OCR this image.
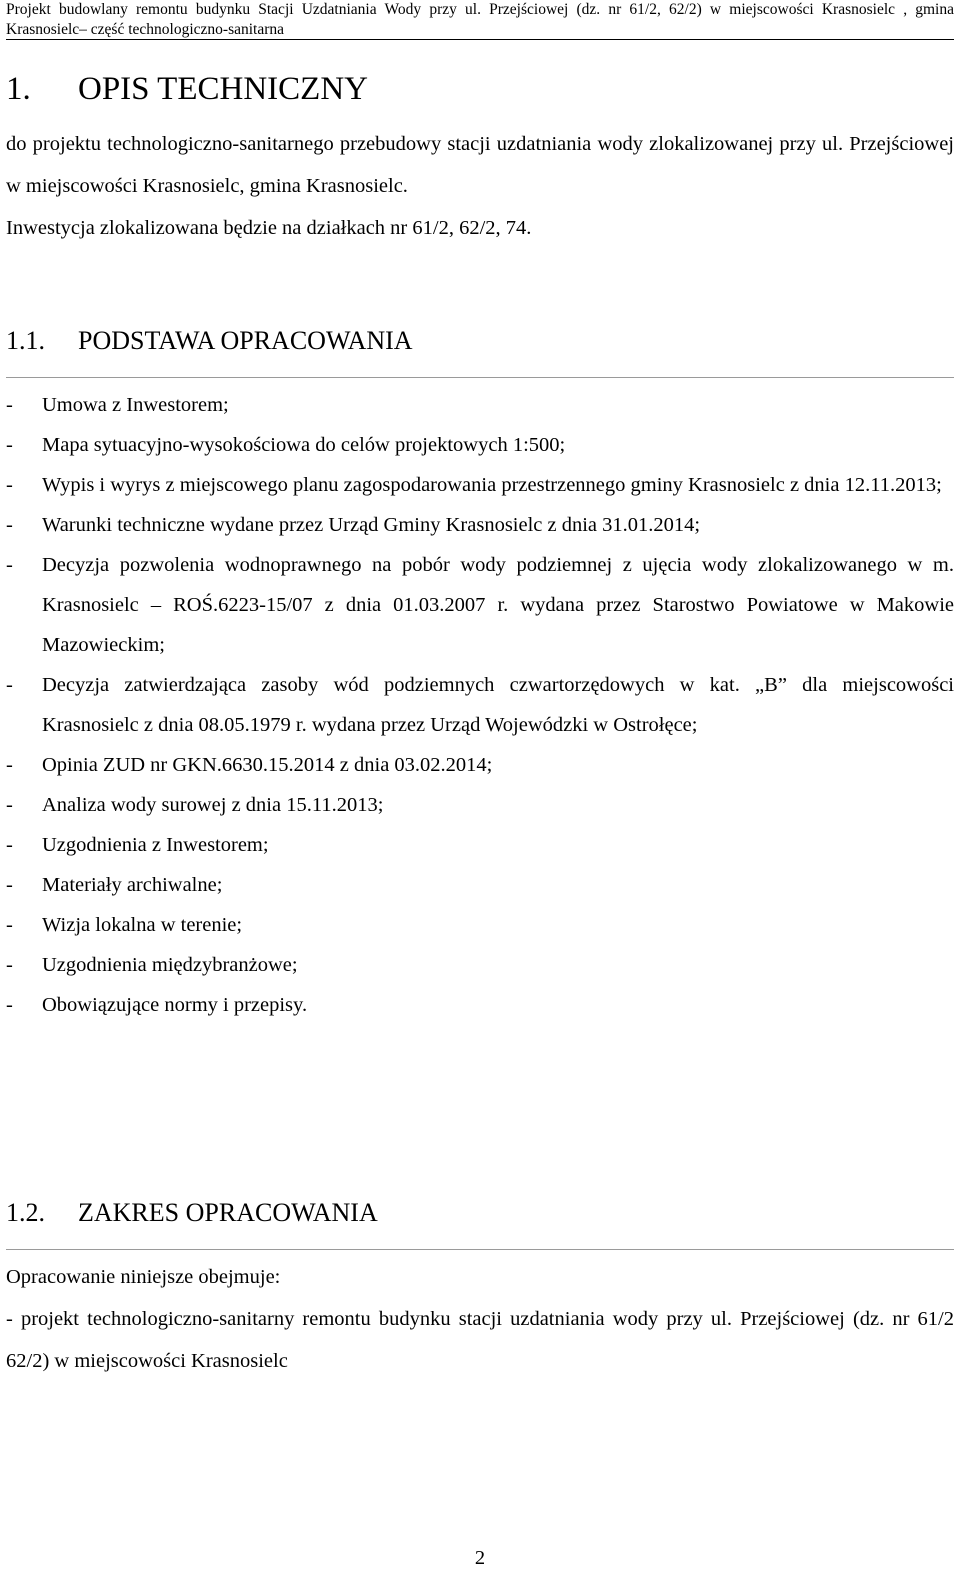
Projekt budowlany remontu budynku Stacji Uzdatniania Wody przy ul. Przejściowej (dz. nr 61/2, 62/2) w miejscowości Krasnosielc , gmina Krasnosielc– część technologiczno-sanitarna
1. OPIS TECHNICZNY

do projektu technologiczno-sanitarnego przebudowy stacji uzdatniania wody zlokalizowanej przy ul. Przejściowej w miejscowości Krasnosielc, gmina Krasnosielc.

Inwestycja zlokalizowana będzie na działkach nr 61/2, 62/2, 74.

1.1. PODSTAWA OPRACOWANIA
- Umowa z Inwestorem;
- Mapa sytuacyjno-wysokościowa do celów projektowych 1:500;
- Wypis i wyrys z miejscowego planu zagospodarowania przestrzennego gminy Krasnosielc z dnia 12.11.2013;
- Warunki techniczne wydane przez Urząd Gminy Krasnosielc z dnia 31.01.2014;
- Decyzja pozwolenia wodnoprawnego na pobór wody podziemnej z ujęcia wody zlokalizowanego w m. Krasnosielc – ROŚ.6223-15/07 z dnia 01.03.2007 r. wydana przez Starostwo Powiatowe w Makowie Mazowieckim;
- Decyzja zatwierdzająca zasoby wód podziemnych czwartorzędowych w kat. „B” dla miejscowości Krasnosielc z dnia 08.05.1979 r. wydana przez Urząd Wojewódzki w Ostrołęce;
- Opinia ZUD nr GKN.6630.15.2014 z dnia 03.02.2014;
- Analiza wody surowej z dnia 15.11.2013;
- Uzgodnienia z Inwestorem;
- Materiały archiwalne;
- Wizja lokalna w terenie;
- Uzgodnienia międzybranżowe;
- Obowiązujące normy i przepisy.
1.2. ZAKRES OPRACOWANIA
Opracowanie niniejsze obejmuje:
- projekt technologiczno-sanitarny remontu budynku stacji uzdatniania wody przy ul. Przejściowej (dz. nr 61/2 62/2) w miejscowości Krasnosielc
2
